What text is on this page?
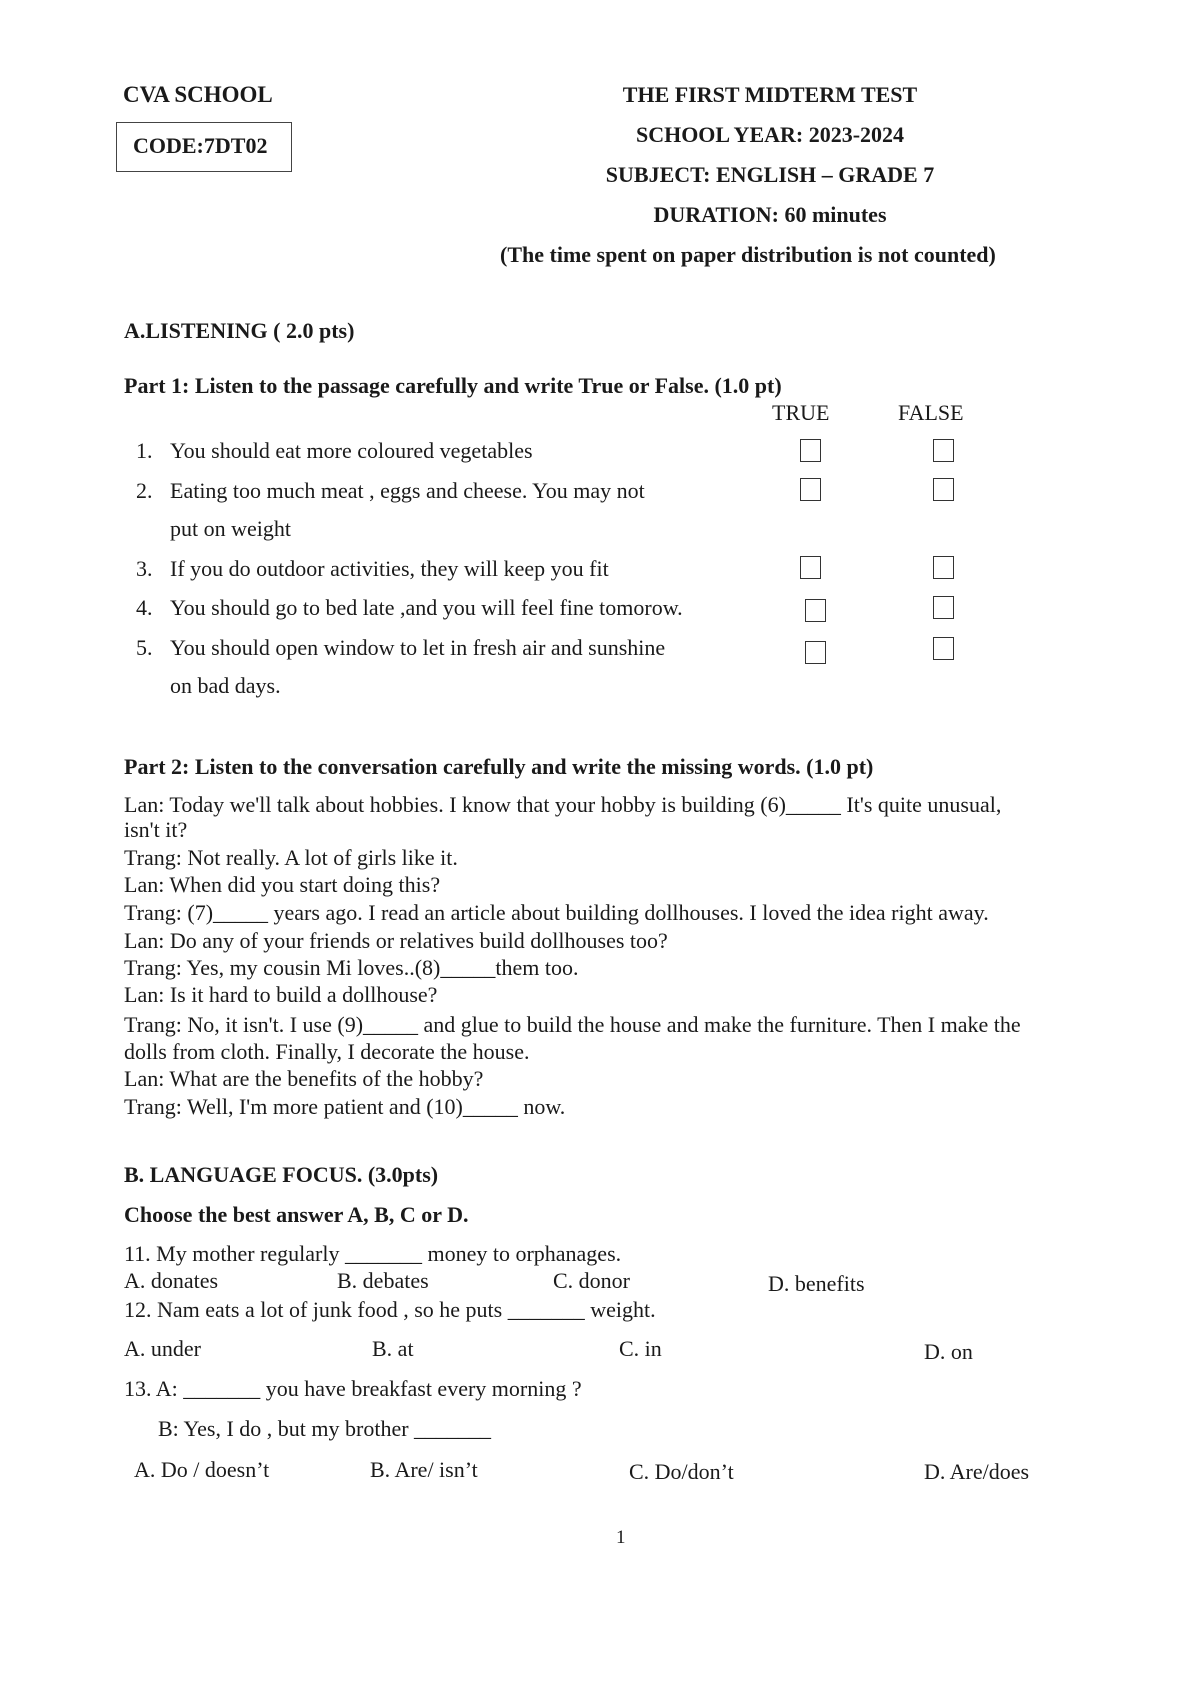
CVA SCHOOL
CODE:7DT02
THE FIRST MIDTERM TEST
SCHOOL YEAR: 2023-2024
SUBJECT: ENGLISH – GRADE 7
DURATION: 60 minutes
(The time spent on paper distribution is not counted)
A.LISTENING ( 2.0 pts)
Part 1: Listen to the passage carefully and write True or False. (1.0 pt)
TRUE	FALSE
1. You should eat more coloured vegetables
2. Eating too much meat , eggs and cheese. You may not
put on weight
3. If you do outdoor activities, they will keep you fit
4. You should go to bed late ,and you will feel fine tomorow.
5. You should open window to let in fresh air and sunshine
on bad days.
Part 2: Listen to the conversation carefully and write the missing words. (1.0 pt)
Lan: Today we'll talk about hobbies. I know that your hobby is building (6)_____ It's quite unusual,
isn't it?
Trang: Not really. A lot of girls like it.
Lan: When did you start doing this?
Trang: (7)_____ years ago. I read an article about building dollhouses. I loved the idea right away.
Lan: Do any of your friends or relatives build dollhouses too?
Trang: Yes, my cousin Mi loves..(8)_____them too.
Lan: Is it hard to build a dollhouse?
Trang: No, it isn't. I use (9)_____ and glue to build the house and make the furniture. Then I make the
dolls from cloth. Finally, I decorate the house.
Lan: What are the benefits of the hobby?
Trang: Well, I'm more patient and (10)_____ now.
B. LANGUAGE FOCUS. (3.0pts)
Choose the best answer A, B, C or D.
11. My mother regularly _______ money to orphanages.
A. donates	B. debates	C. donor	D. benefits
12. Nam eats a lot of junk food , so he puts _______ weight.
A. under	B. at	C. in	D. on
13. A: _______ you have breakfast every morning ?
B: Yes, I do , but my brother _______
A. Do / doesn’t	B. Are/ isn’t	C. Do/don’t	D. Are/does
1
